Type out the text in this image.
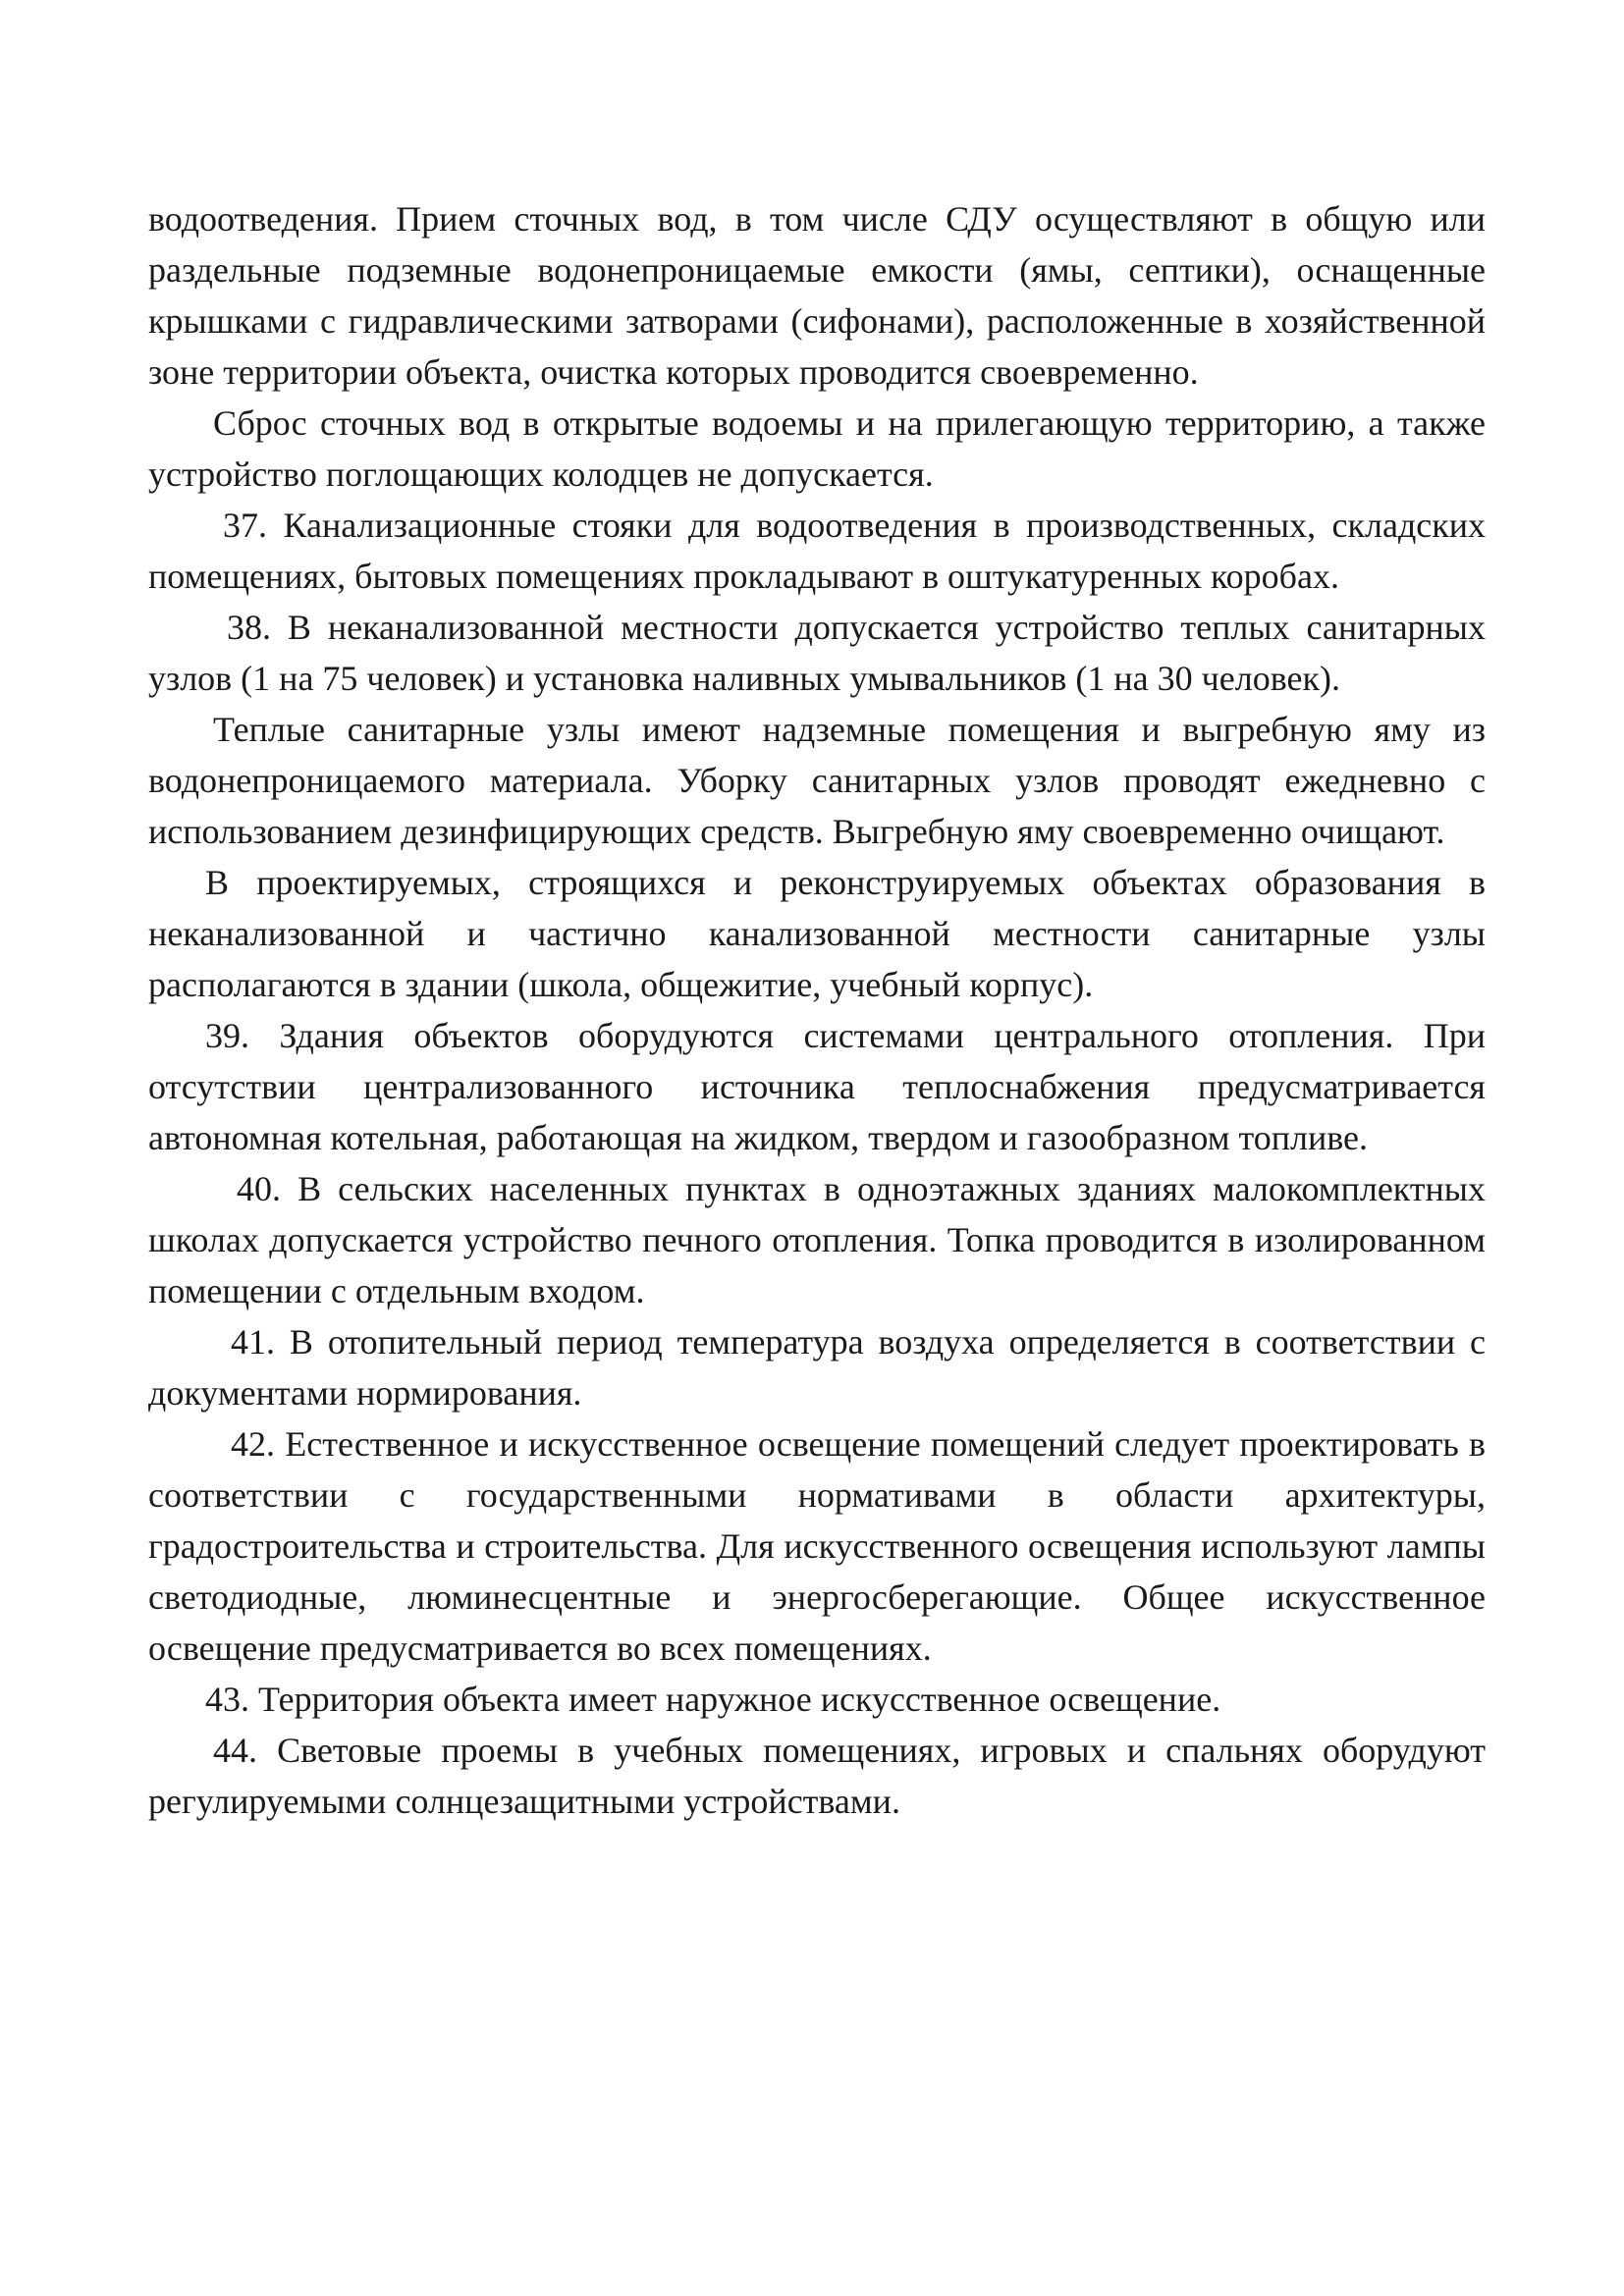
водоотведения. Прием сточных вод, в том числе СДУ осуществляют в общую или раздельные подземные водонепроницаемые емкости (ямы, септики), оснащенные крышками с гидравлическими затворами (сифонами), расположенные в хозяйственной зоне территории объекта, очистка которых проводится своевременно.

Сброс сточных вод в открытые водоемы и на прилегающую территорию, а также устройство поглощающих колодцев не допускается.

37. Канализационные стояки для водоотведения в производственных, складских помещениях, бытовых помещениях прокладывают в оштукатуренных коробах.

38. В неканализованной местности допускается устройство теплых санитарных узлов (1 на 75 человек) и установка наливных умывальников (1 на 30 человек).

Теплые санитарные узлы имеют надземные помещения и выгребную яму из водонепроницаемого материала. Уборку санитарных узлов проводят ежедневно с использованием дезинфицирующих средств. Выгребную яму своевременно очищают.

В проектируемых, строящихся и реконструируемых объектах образования в неканализованной и частично канализованной местности санитарные узлы располагаются в здании (школа, общежитие, учебный корпус).

39. Здания объектов оборудуются системами центрального отопления. При отсутствии централизованного источника теплоснабжения предусматривается автономная котельная, работающая на жидком, твердом и газообразном топливе.

40. В сельских населенных пунктах в одноэтажных зданиях малокомплектных школах допускается устройство печного отопления. Топка проводится в изолированном помещении с отдельным входом.

41. В отопительный период температура воздуха определяется в соответствии с документами нормирования.

42. Естественное и искусственное освещение помещений следует проектировать в соответствии с государственными нормативами в области архитектуры, градостроительства и строительства. Для искусственного освещения используют лампы светодиодные, люминесцентные и энергосберегающие. Общее искусственное освещение предусматривается во всех помещениях.

43. Территория объекта имеет наружное искусственное освещение.

44. Световые проемы в учебных помещениях, игровых и спальнях оборудуют регулируемыми солнцезащитными устройствами.
